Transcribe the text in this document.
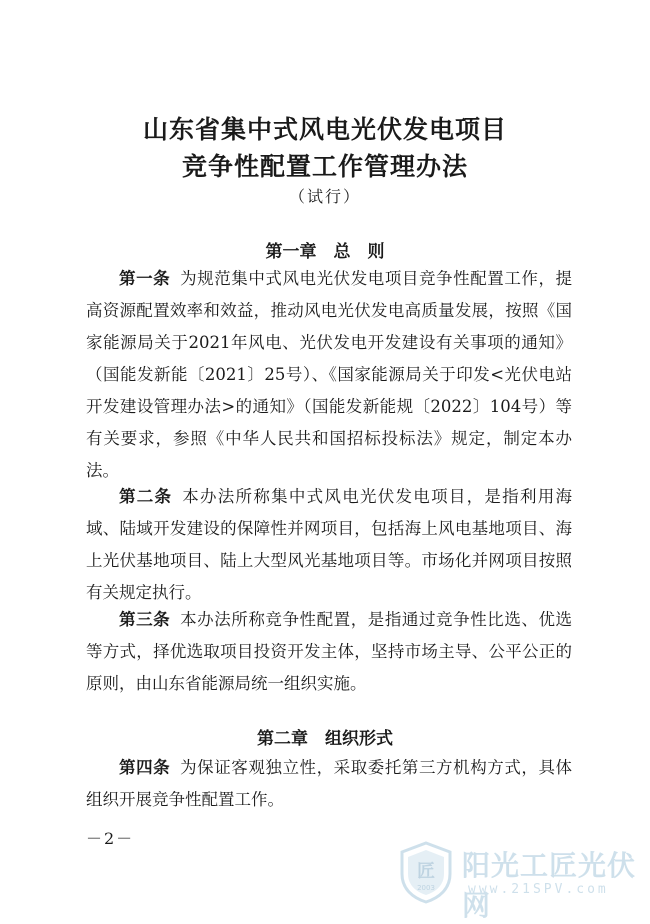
山东省集中式风电光伏发电项目
竞争性配置工作管理办法
（试行）
第一章　总　则

第一条 为规范集中式风电光伏发电项目竞争性配置工作，提高资源配置效率和效益，推动风电光伏发电高质量发展，按照《国家能源局关于2021年风电、光伏发电开发建设有关事项的通知》（国能发新能〔2021〕25号）、《国家能源局关于印发<光伏电站开发建设管理办法>的通知》（国能发新能规〔2022〕104号）等有关要求，参照《中华人民共和国招标投标法》规定，制定本办法。

第二条 本办法所称集中式风电光伏发电项目，是指利用海域、陆域开发建设的保障性并网项目，包括海上风电基地项目、海上光伏基地项目、陆上大型风光基地项目等。市场化并网项目按照有关规定执行。

第三条 本办法所称竞争性配置，是指通过竞争性比选、优选等方式，择优选取项目投资开发主体，坚持市场主导、公平公正的原则，由山东省能源局统一组织实施。

第二章　组织形式

第四条 为保证客观独立性，采取委托第三方机构方式，具体组织开展竞争性配置工作。

－2－
匠
2003
阳光工匠光伏网
www.21SPV.com
